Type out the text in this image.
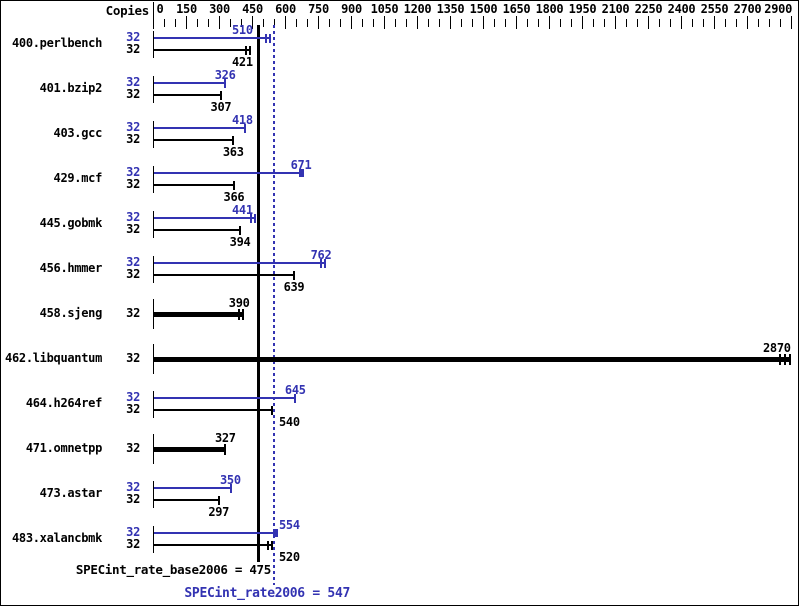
Copies 0 150 300 450 600 750 900 1050 1200 1350 1500 1650 1800 1950 2100 2250 2400 2550 2700 2900
400.perlbench	32
32
510
421
401.bzip2	32
32
326
307
403.gcc	32
32
418
363
429.mcf	32
32
671
366
445.gobmk	32
32
441
394
456.hmmer	32
32
762
639
458.sjeng	32
390
462.libquantum	32
2870
464.h264ref	32
32
645
540
471.omnetpp	32
327
473.astar	32
32
350
297
483.xalancbmk	32
32
554
520
SPECint_rate_base2006 = 475
SPECint_rate2006 = 547
